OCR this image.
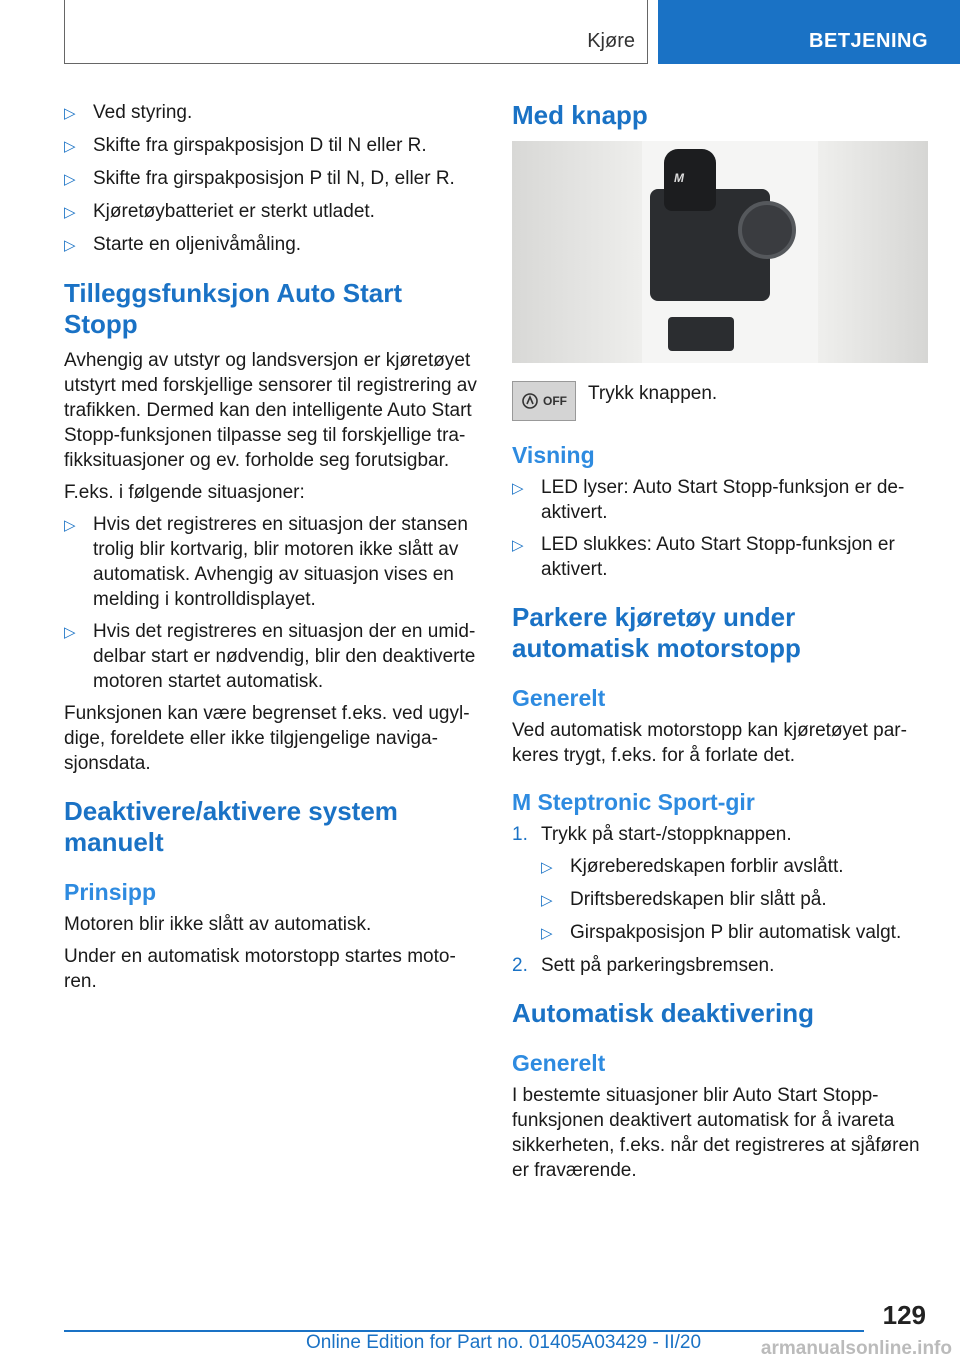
Kjøre	BETJENING
▷ Ved styring.
▷ Skifte fra girspakposisjon D til N eller R.
▷ Skifte fra girspakposisjon P til N, D, eller R.
▷ Kjøretøybatteriet er sterkt utladet.
▷ Starte en oljenivåmåling.
Tilleggsfunksjon Auto Start Stopp

Avhengig av utstyr og landsversjon er kjøretøyet utstyrt med forskjellige sensorer til registrering av trafikken. Dermed kan den intelligente Auto Start Stopp-funksjonen tilpasse seg til forskjellige tra-fikksituasjoner og ev. forholde seg forutsigbar.

F.eks. i følgende situasjoner:

▷ Hvis det registreres en situasjon der stansen trolig blir kortvarig, blir motoren ikke slått av automatisk. Avhengig av situasjon vises en melding i kontrolldisplayet.
▷ Hvis det registreres en situasjon der en umid-delbar start er nødvendig, blir den deaktiverte motoren startet automatisk.

Funksjonen kan være begrenset f.eks. ved ugyl-dige, foreldete eller ikke tilgjengelige naviga-sjonsdata.

Deaktivere/aktivere system manuelt
Prinsipp

Motoren blir ikke slått av automatisk.

Under en automatisk motorstopp startes moto-ren.

Med knapp
M
OFF Trykk knappen.
Visning
▷ LED lyser: Auto Start Stopp-funksjon er de-aktivert.
▷ LED slukkes: Auto Start Stopp-funksjon er aktivert.
Parkere kjøretøy under automatisk motorstopp
Generelt

Ved automatisk motorstopp kan kjøretøyet par-keres trygt, f.eks. for å forlate det.

M Steptronic Sport-gir
1. Trykk på start-/stoppknappen.
▷ Kjøreberedskapen forblir avslått.
▷ Driftsberedskapen blir slått på.
▷ Girspakposisjon P blir automatisk valgt.
2. Sett på parkeringsbremsen.
Automatisk deaktivering
Generelt

I bestemte situasjoner blir Auto Start Stopp-funksjonen deaktivert automatisk for å ivareta sikkerheten, f.eks. når det registreres at sjåføren er fraværende.

129
Online Edition for Part no. 01405A03429 - II/20	armanualsonline.info
